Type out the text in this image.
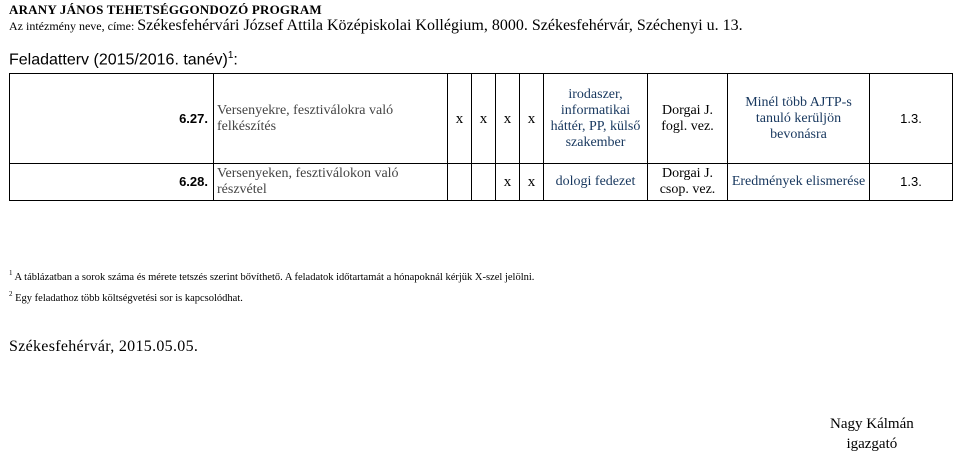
ARANY JÁNOS TEHETSÉGGONDOZÓ PROGRAM
Az intézmény neve, címe: Székesfehérvári József Attila Középiskolai Kollégium, 8000. Székesfehérvár, Széchenyi u. 13.
Feladatterv (2015/2016. tanév)$^1$:
6.27.	Versenyekre, fesztiválokra való felkészítés	x	x	x	x	irodaszer, informatikai háttér, PP, külső szakember	Dorgai J. fogl. vez.	Minél több AJTP-s tanuló kerüljön bevonásra	1.3.
6.28.	Versenyeken, fesztiválokon való részvétel			x	x	dologi fedezet	Dorgai J. csop. vez.	Eredmények elismerése	1.3.
$^1$ A táblázatban a sorok száma és mérete tetszés szerint bővíthető. A feladatok időtartamát a hónapoknál kérjük X-szel jelölni.
$^2$ Egy feladathoz több költségvetési sor is kapcsolódhat.
Székesfehérvár, 2015.05.05.
Nagy Kálmán
igazgató
